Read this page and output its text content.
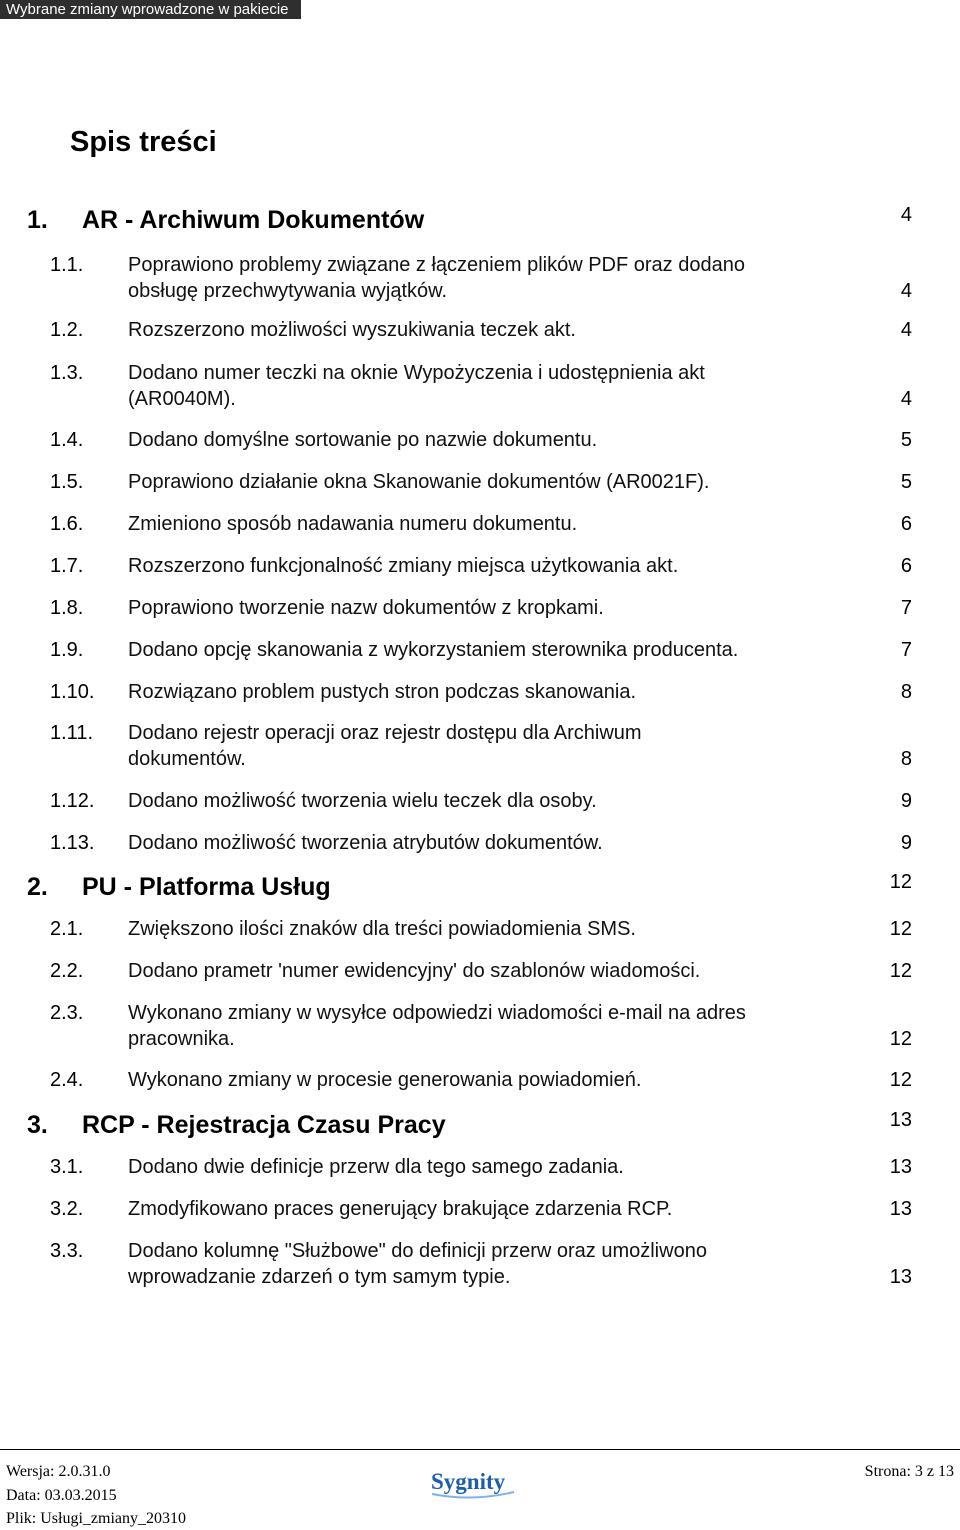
Wybrane zmiany wprowadzone w pakiecie
Spis treści
1. AR - Archiwum Dokumentów	4
1.1. Poprawiono problemy związane z łączeniem plików PDF oraz dodano
obsługę przechwytywania wyjątków.	4
1.2. Rozszerzono możliwości wyszukiwania teczek akt.	4
1.3. Dodano numer teczki na oknie Wypożyczenia i udostępnienia akt
(AR0040M).	4
1.4. Dodano domyślne sortowanie po nazwie dokumentu.	5
1.5. Poprawiono działanie okna Skanowanie dokumentów (AR0021F).	5
1.6. Zmieniono sposób nadawania numeru dokumentu.	6
1.7. Rozszerzono funkcjonalność zmiany miejsca użytkowania akt.	6
1.8. Poprawiono tworzenie nazw dokumentów z kropkami.	7
1.9. Dodano opcję skanowania z wykorzystaniem sterownika producenta.	7
1.10. Rozwiązano problem pustych stron podczas skanowania.	8
1.11. Dodano rejestr operacji oraz rejestr dostępu dla Archiwum
dokumentów.	8
1.12. Dodano możliwość tworzenia wielu teczek dla osoby.	9
1.13. Dodano możliwość tworzenia atrybutów dokumentów.	9
2. PU - Platforma Usług	12
2.1. Zwiększono ilości znaków dla treści powiadomienia SMS.	12
2.2. Dodano prametr 'numer ewidencyjny' do szablonów wiadomości.	12
2.3. Wykonano zmiany w wysyłce odpowiedzi wiadomości e-mail na adres
pracownika.	12
2.4. Wykonano zmiany w procesie generowania powiadomień.	12
3. RCP - Rejestracja Czasu Pracy	13
3.1. Dodano dwie definicje przerw dla tego samego zadania.	13
3.2. Zmodyfikowano praces generujący brakujące zdarzenia RCP.	13
3.3. Dodano kolumnę "Służbowe" do definicji przerw oraz umożliwono
wprowadzanie zdarzeń o tym samym typie.	13
Wersja: 2.0.31.0
Data: 03.03.2015
Plik: Usługi_zmiany_20310
Strona: 3 z 13
Sygnity
